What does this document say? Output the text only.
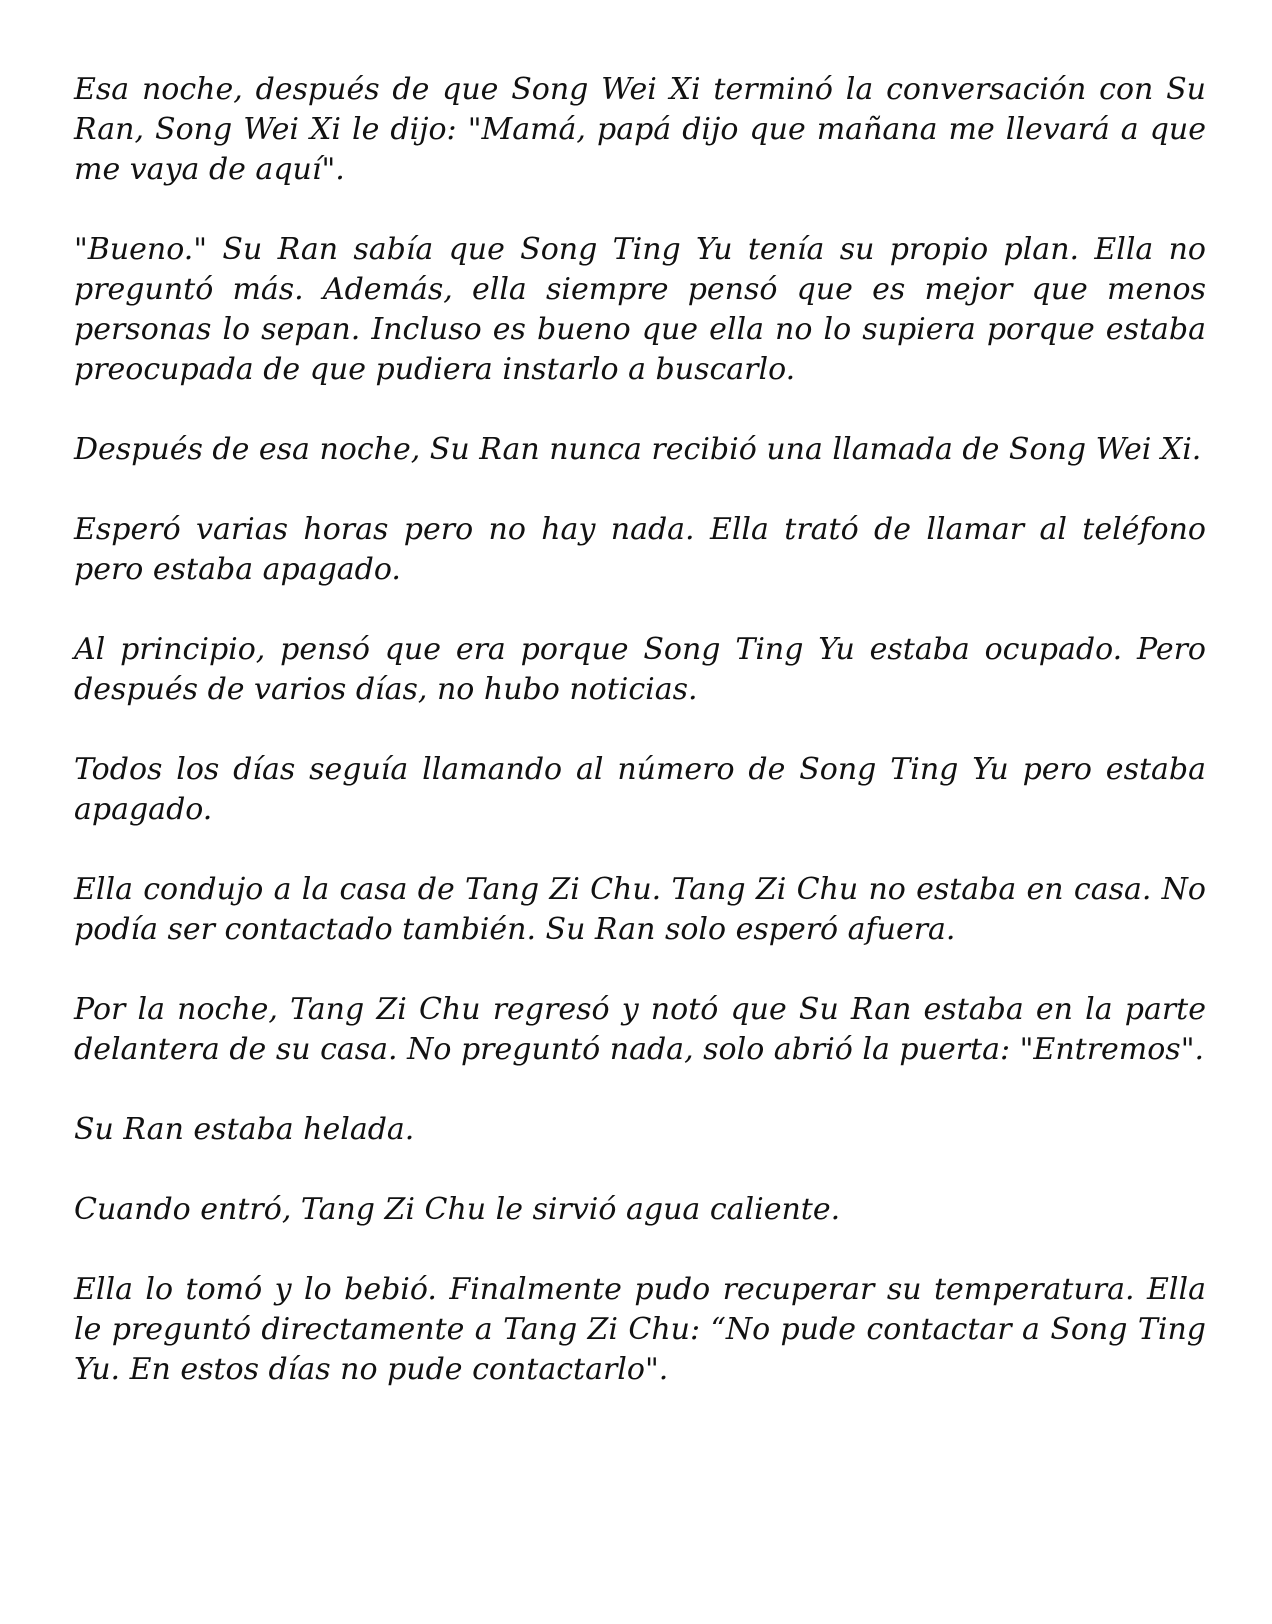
Esa noche, después de que Song Wei Xi terminó la conversación con Su Ran, Song Wei Xi le dijo: "Mamá, papá dijo que mañana me llevará a que me vaya de aquí".

"Bueno." Su Ran sabía que Song Ting Yu tenía su propio plan. Ella no preguntó más. Además, ella siempre pensó que es mejor que menos personas lo sepan. Incluso es bueno que ella no lo supiera porque estaba preocupada de que pudiera instarlo a buscarlo.

Después de esa noche, Su Ran nunca recibió una llamada de Song Wei Xi.

Esperó varias horas pero no hay nada. Ella trató de llamar al teléfono pero estaba apagado.

Al principio, pensó que era porque Song Ting Yu estaba ocupado. Pero después de varios días, no hubo noticias.

Todos los días seguía llamando al número de Song Ting Yu pero estaba apagado.

Ella condujo a la casa de Tang Zi Chu. Tang Zi Chu no estaba en casa. No podía ser contactado también. Su Ran solo esperó afuera.

Por la noche, Tang Zi Chu regresó y notó que Su Ran estaba en la parte delantera de su casa. No preguntó nada, solo abrió la puerta: "Entremos".

Su Ran estaba helada.

Cuando entró, Tang Zi Chu le sirvió agua caliente.

Ella lo tomó y lo bebió. Finalmente pudo recuperar su temperatura. Ella le preguntó directamente a Tang Zi Chu: “No pude contactar a Song Ting Yu. En estos días no pude contactarlo".
